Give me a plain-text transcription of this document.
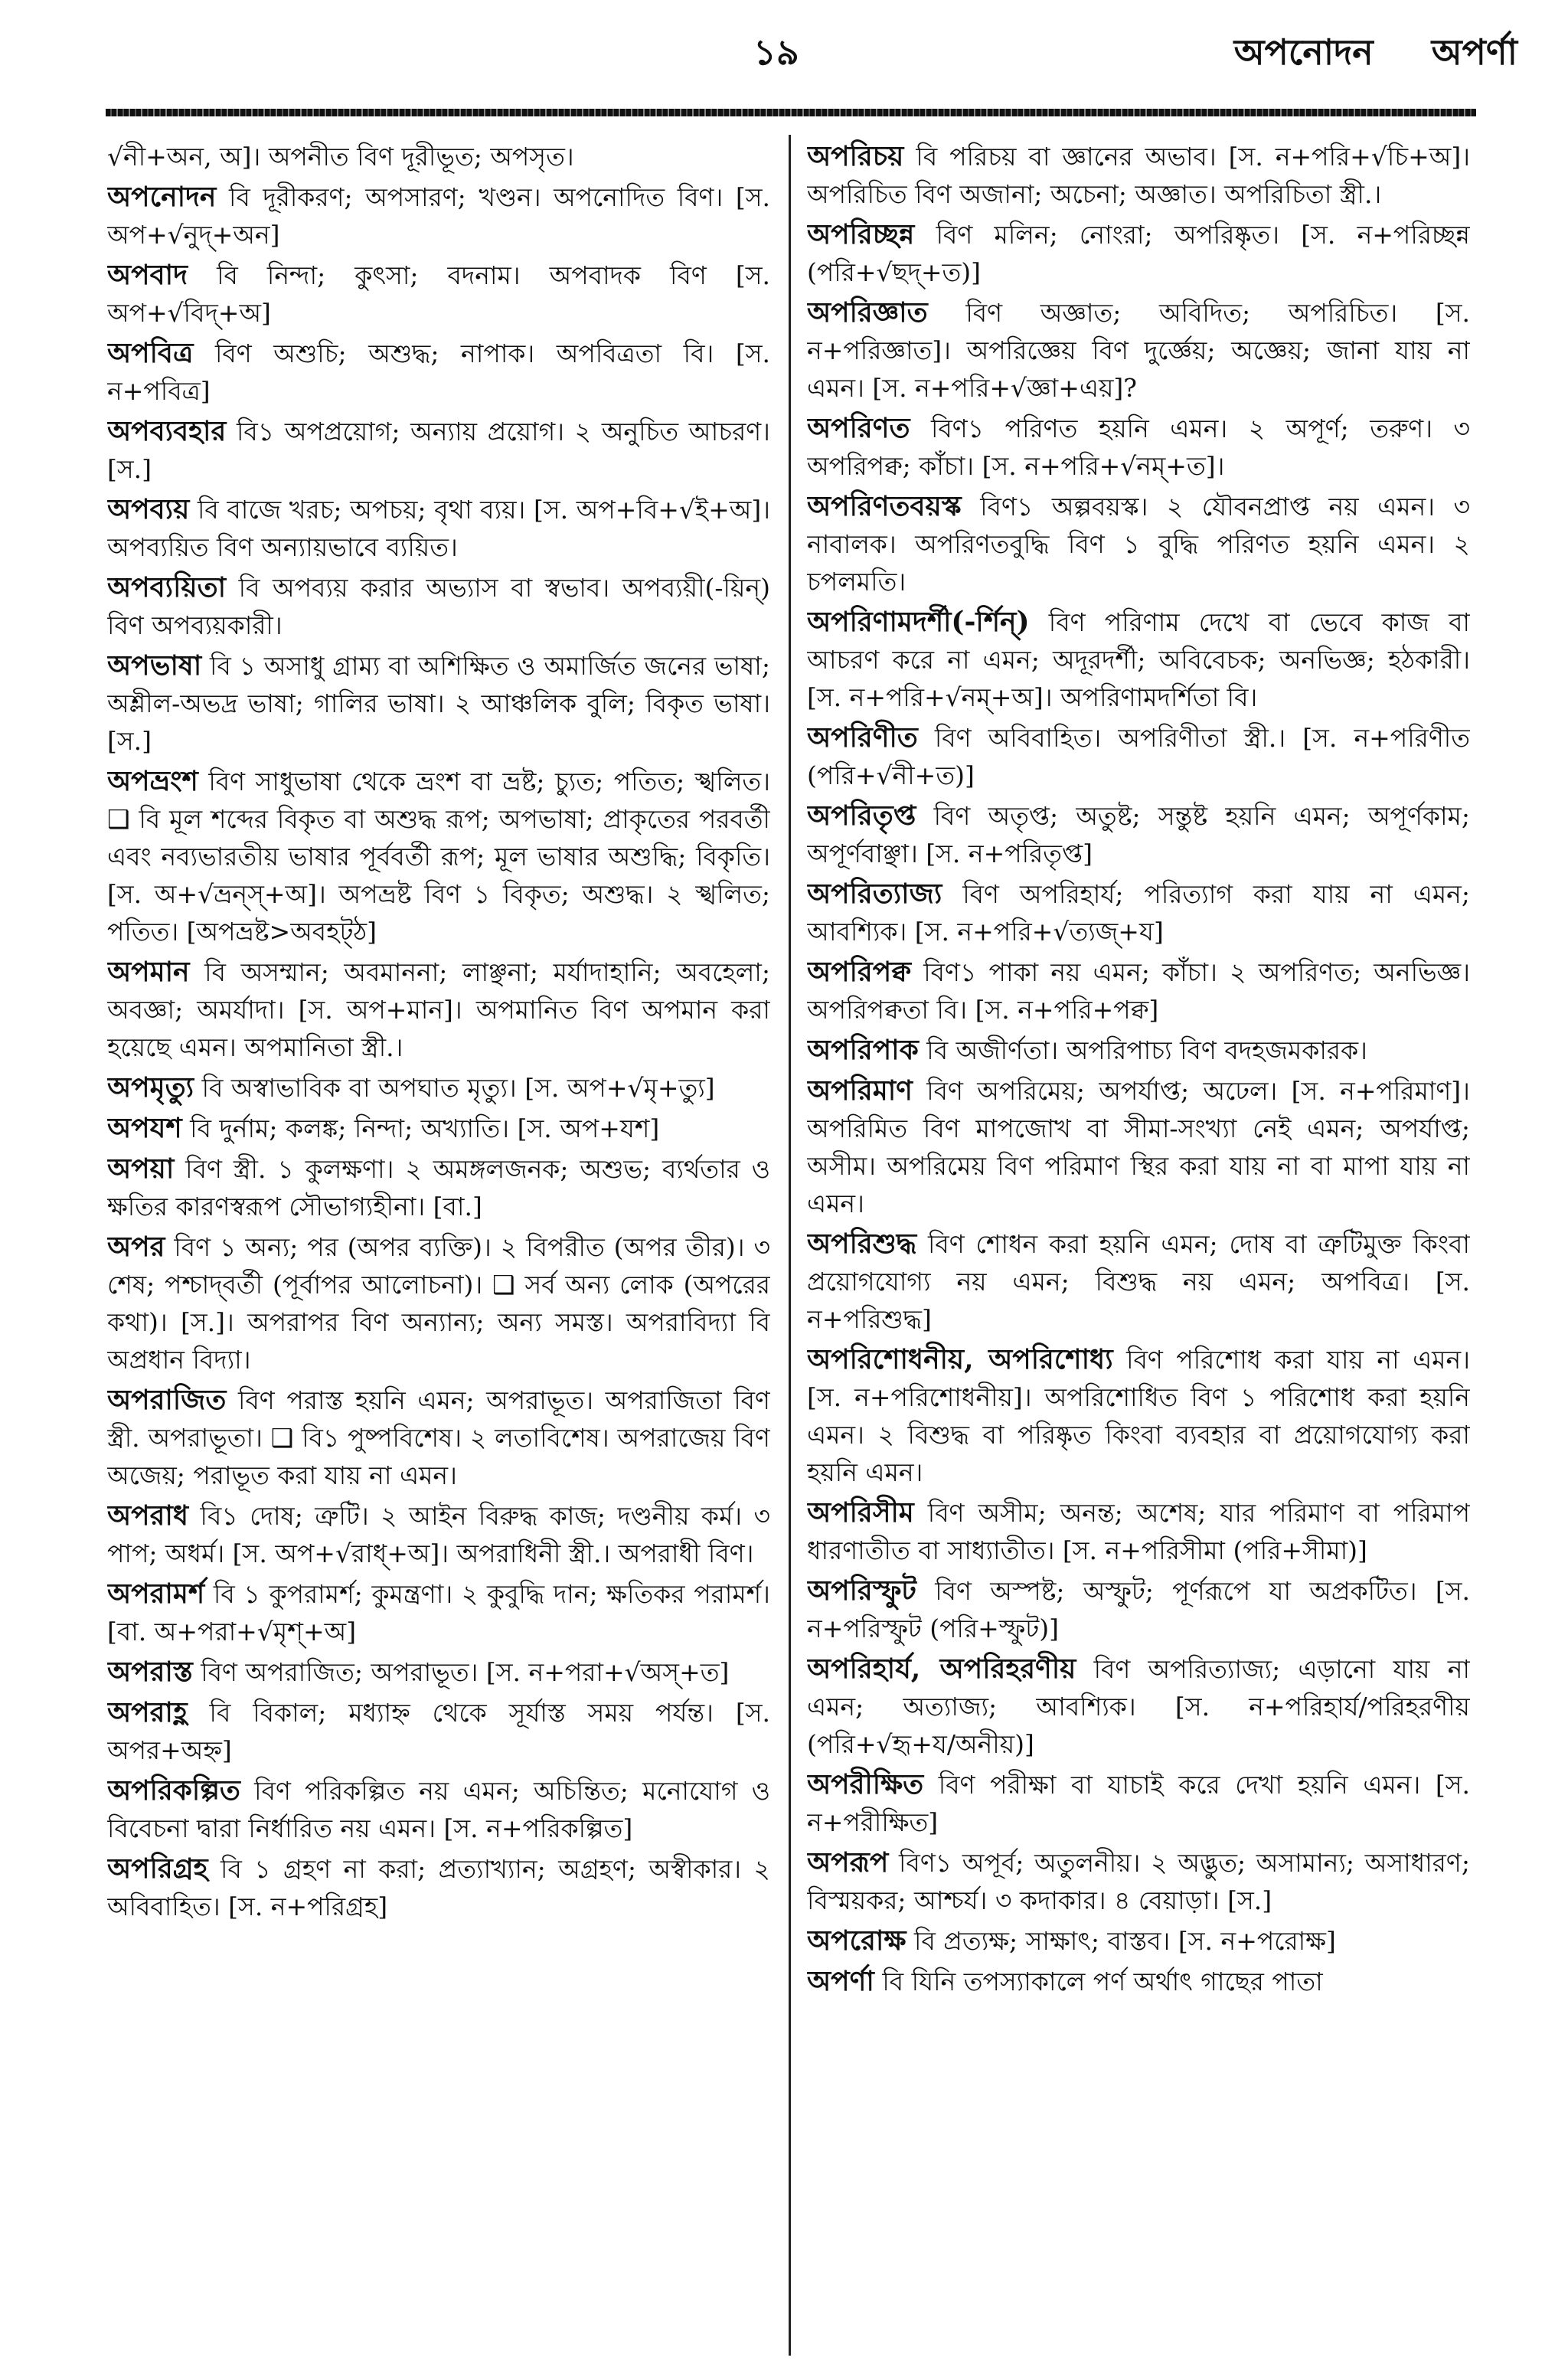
১৯	অপনোদন অপর্ণা

√নী+অন, অ]। অপনীত বিণ দূরীভূত; অপসৃত।

অপনোদন বি দূরীকরণ; অপসারণ; খণ্ডন। অপনোদিত বিণ। [স. অপ+√নুদ্+অন]

অপবাদ বি নিন্দা; কুৎসা; বদনাম। অপবাদক বিণ [স. অপ+√বিদ্+অ]

অপবিত্র বিণ অশুচি; অশুদ্ধ; নাপাক। অপবিত্রতা বি। [স. ন+পবিত্র]

অপব্যবহার বি১ অপপ্রয়োগ; অন্যায় প্রয়োগ। ২ অনুচিত আচরণ। [স.]

অপব্যয় বি বাজে খরচ; অপচয়; বৃথা ব্যয়। [স. অপ+বি+√ই+অ]। অপব্যয়িত বিণ অন্যায়ভাবে ব্যয়িত।

অপব্যয়িতা বি অপব্যয় করার অভ্যাস বা স্বভাব। অপব্যয়ী(-য়িন্) বিণ অপব্যয়কারী।

অপভাষা বি ১ অসাধু গ্রাম্য বা অশিক্ষিত ও অমার্জিত জনের ভাষা; অশ্লীল-অভদ্র ভাষা; গালির ভাষা। ২ আঞ্চলিক বুলি; বিকৃত ভাষা। [স.]

অপভ্রংশ বিণ সাধুভাষা থেকে ভ্রংশ বা ভ্রষ্ট; চ্যুত; পতিত; স্খলিত। ❑ বি মূল শব্দের বিকৃত বা অশুদ্ধ রূপ; অপভাষা; প্রাকৃতের পরবর্তী এবং নব্যভারতীয় ভাষার পূর্ববর্তী রূপ; মূল ভাষার অশুদ্ধি; বিকৃতি। [স. অ+√ভ্রন্স্+অ]। অপভ্রষ্ট বিণ ১ বিকৃত; অশুদ্ধ। ২ স্খলিত; পতিত। [অপভ্রষ্ট>অবহট্‌ঠ]

অপমান বি অসম্মান; অবমাননা; লাঞ্ছনা; মর্যাদাহানি; অবহেলা; অবজ্ঞা; অমর্যাদা। [স. অপ+মান]। অপমানিত বিণ অপমান করা হয়েছে এমন। অপমানিতা স্ত্রী.।

অপমৃত্যু বি অস্বাভাবিক বা অপঘাত মৃত্যু। [স. অপ+√মৃ+ত্যু]

অপযশ বি দুর্নাম; কলঙ্ক; নিন্দা; অখ্যাতি। [স. অপ+যশ]

অপয়া বিণ স্ত্রী. ১ কুলক্ষণা। ২ অমঙ্গলজনক; অশুভ; ব্যর্থতার ও ক্ষতির কারণস্বরূপ সৌভাগ্যহীনা। [বা.]

অপর বিণ ১ অন্য; পর (অপর ব্যক্তি)। ২ বিপরীত (অপর তীর)। ৩ শেষ; পশ্চাদ্‌বর্তী (পূর্বাপর আলোচনা)। ❑ সর্ব অন্য লোক (অপরের কথা)। [স.]। অপরাপর বিণ অন্যান্য; অন্য সমস্ত। অপরাবিদ্যা বি অপ্রধান বিদ্যা।

অপরাজিত বিণ পরাস্ত হয়নি এমন; অপরাভূত। অপরাজিতা বিণ স্ত্রী. অপরাভূতা। ❑ বি১ পুষ্পবিশেষ। ২ লতাবিশেষ। অপরাজেয় বিণ অজেয়; পরাভূত করা যায় না এমন।

অপরাধ বি১ দোষ; ত্রুটি। ২ আইন বিরুদ্ধ কাজ; দণ্ডনীয় কর্ম। ৩ পাপ; অধর্ম। [স. অপ+√রাধ্+অ]। অপরাধিনী স্ত্রী.। অপরাধী বিণ।

অপরামর্শ বি ১ কুপরামর্শ; কুমন্ত্রণা। ২ কুবুদ্ধি দান; ক্ষতিকর পরামর্শ। [বা. অ+পরা+√মৃশ্+অ]

অপরাস্ত বিণ অপরাজিত; অপরাভূত। [স. ন+পরা+√অস্+ত]

অপরাহ্ণ বি বিকাল; মধ্যাহ্ন থেকে সূর্যাস্ত সময় পর্যন্ত। [স. অপর+অহ্ন]

অপরিকল্পিত বিণ পরিকল্পিত নয় এমন; অচিন্তিত; মনোযোগ ও বিবেচনা দ্বারা নির্ধারিত নয় এমন। [স. ন+পরিকল্পিত]

অপরিগ্রহ বি ১ গ্রহণ না করা; প্রত্যাখ্যান; অগ্রহণ; অস্বীকার। ২ অবিবাহিত। [স. ন+পরিগ্রহ]

অপরিচয় বি পরিচয় বা জ্ঞানের অভাব। [স. ন+পরি+√চি+অ]। অপরিচিত বিণ অজানা; অচেনা; অজ্ঞাত। অপরিচিতা স্ত্রী.।

অপরিচ্ছন্ন বিণ মলিন; নোংরা; অপরিষ্কৃত। [স. ন+পরিচ্ছন্ন (পরি+√ছদ্+ত)]

অপরিজ্ঞাত বিণ অজ্ঞাত; অবিদিত; অপরিচিত। [স. ন+পরিজ্ঞাত]। অপরিজ্ঞেয় বিণ দুর্জ্ঞেয়; অজ্ঞেয়; জানা যায় না এমন। [স. ন+পরি+√জ্ঞা+এয়]?

অপরিণত বিণ১ পরিণত হয়নি এমন। ২ অপূর্ণ; তরুণ। ৩ অপরিপক্ব; কাঁচা। [স. ন+পরি+√নম্+ত]।

অপরিণতবয়স্ক বিণ১ অল্পবয়স্ক। ২ যৌবনপ্রাপ্ত নয় এমন। ৩ নাবালক। অপরিণতবুদ্ধি বিণ ১ বুদ্ধি পরিণত হয়নি এমন। ২ চপলমতি।

অপরিণামদর্শী(-র্শিন্) বিণ পরিণাম দেখে বা ভেবে কাজ বা আচরণ করে না এমন; অদূরদর্শী; অবিবেচক; অনভিজ্ঞ; হঠকারী। [স. ন+পরি+√নম্+অ]। অপরিণামদর্শিতা বি।

অপরিণীত বিণ অবিবাহিত। অপরিণীতা স্ত্রী.। [স. ন+পরিণীত (পরি+√নী+ত)]

অপরিতৃপ্ত বিণ অতৃপ্ত; অতুষ্ট; সন্তুষ্ট হয়নি এমন; অপূর্ণকাম; অপূর্ণবাঞ্ছা। [স. ন+পরিতৃপ্ত]

অপরিত্যাজ্য বিণ অপরিহার্য; পরিত্যাগ করা যায় না এমন; আবশ্যিক। [স. ন+পরি+√ত্যজ্+য]

অপরিপক্ব বিণ১ পাকা নয় এমন; কাঁচা। ২ অপরিণত; অনভিজ্ঞ। অপরিপক্বতা বি। [স. ন+পরি+পক্ব]

অপরিপাক বি অজীর্ণতা। অপরিপাচ্য বিণ বদহজমকারক।

অপরিমাণ বিণ অপরিমেয়; অপর্যাপ্ত; অঢেল। [স. ন+পরিমাণ]। অপরিমিত বিণ মাপজোখ বা সীমা-সংখ্যা নেই এমন; অপর্যাপ্ত; অসীম। অপরিমেয় বিণ পরিমাণ স্থির করা যায় না বা মাপা যায় না এমন।

অপরিশুদ্ধ বিণ শোধন করা হয়নি এমন; দোষ বা ত্রুটিমুক্ত কিংবা প্রয়োগযোগ্য নয় এমন; বিশুদ্ধ নয় এমন; অপবিত্র। [স. ন+পরিশুদ্ধ]

অপরিশোধনীয়, অপরিশোধ্য বিণ পরিশোধ করা যায় না এমন। [স. ন+পরিশোধনীয়]। অপরিশোধিত বিণ ১ পরিশোধ করা হয়নি এমন। ২ বিশুদ্ধ বা পরিষ্কৃত কিংবা ব্যবহার বা প্রয়োগযোগ্য করা হয়নি এমন।

অপরিসীম বিণ অসীম; অনন্ত; অশেষ; যার পরিমাণ বা পরিমাপ ধারণাতীত বা সাধ্যাতীত। [স. ন+পরিসীমা (পরি+সীমা)]

অপরিস্ফুট বিণ অস্পষ্ট; অস্ফুট; পূর্ণরূপে যা অপ্রকটিত। [স. ন+পরিস্ফুট (পরি+স্ফুট)]

অপরিহার্য, অপরিহরণীয় বিণ অপরিত্যাজ্য; এড়ানো যায় না এমন; অত্যাজ্য; আবশ্যিক। [স. ন+পরিহার্য/পরিহরণীয় (পরি+√হৃ+য/অনীয়)]

অপরীক্ষিত বিণ পরীক্ষা বা যাচাই করে দেখা হয়নি এমন। [স. ন+পরীক্ষিত]

অপরূপ বিণ১ অপূর্ব; অতুলনীয়। ২ অদ্ভুত; অসামান্য; অসাধারণ; বিস্ময়কর; আশ্চর্য। ৩ কদাকার। ৪ বেয়াড়া। [স.]

অপরোক্ষ বি প্রত্যক্ষ; সাক্ষাৎ; বাস্তব। [স. ন+পরোক্ষ]

অপর্ণা বি যিনি তপস্যাকালে পর্ণ অর্থাৎ গাছের পাতা
